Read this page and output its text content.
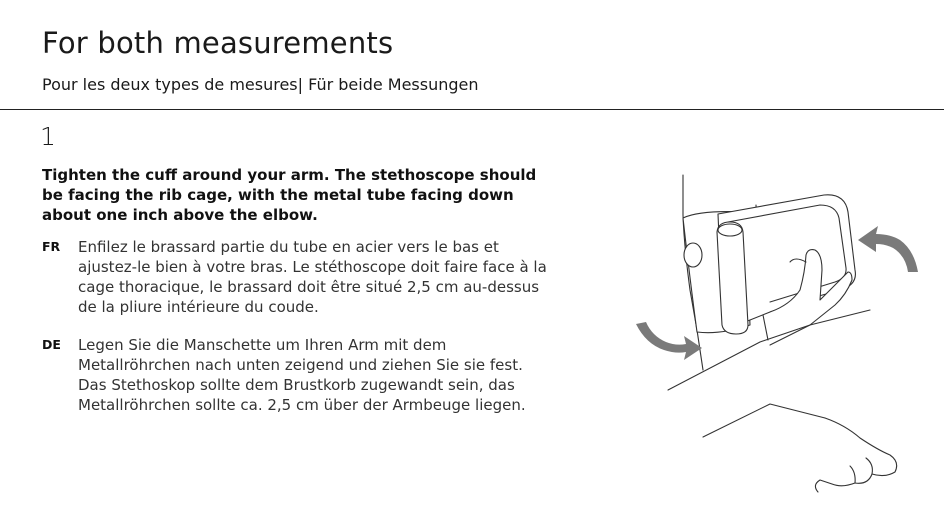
For both measurements
Pour les deux types de mesures| Für beide Messungen
1
Tighten the cuff around your arm. The stethoscope should be facing the rib cage, with the metal tube facing down about one inch above the elbow.
FR Enfilez le brassard partie du tube en acier vers le bas et ajustez-le bien à votre bras. Le stéthoscope doit faire face à la cage thoracique, le brassard doit être situé 2,5 cm au-dessus de la pliure intérieure du coude.
DE Legen Sie die Manschette um Ihren Arm mit dem Metallröhrchen nach unten zeigend und ziehen Sie sie fest. Das Stethoskop sollte dem Brustkorb zugewandt sein, das Metallröhrchen sollte ca. 2,5 cm über der Armbeuge liegen.
